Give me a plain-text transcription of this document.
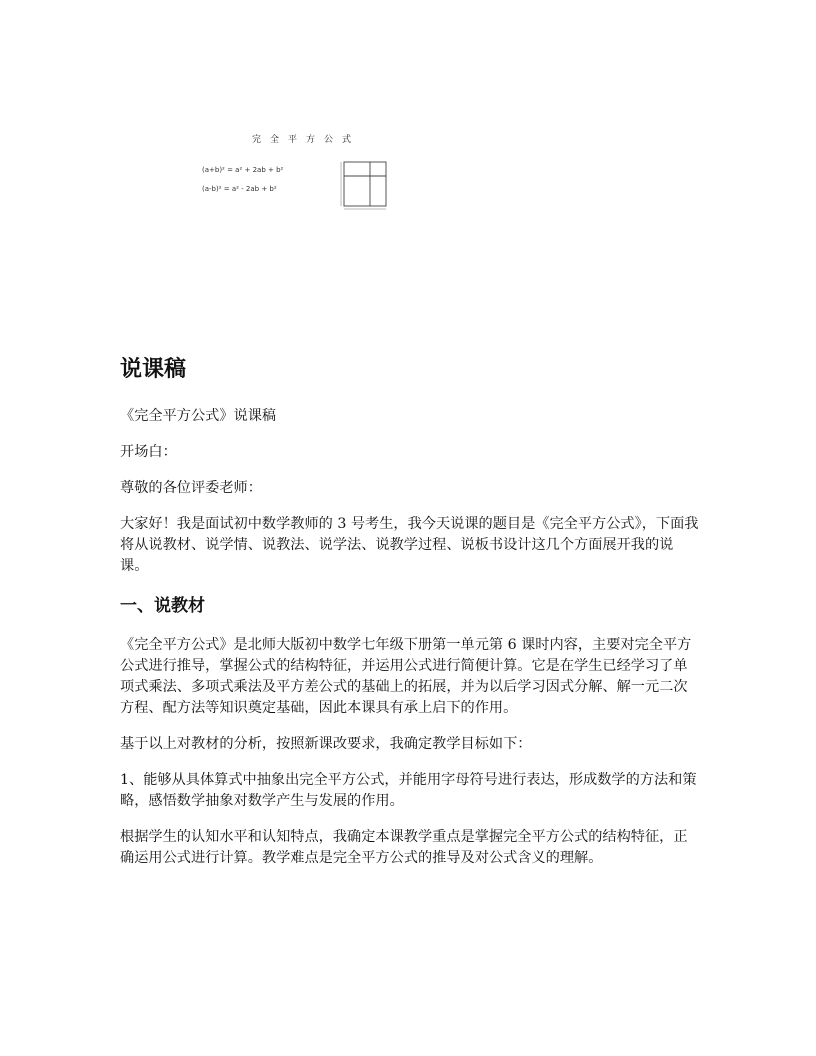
完全平方公式
(a+b)² = a² + 2ab + b²
(a-b)² = a² - 2ab + b²
说课稿
《完全平方公式》说课稿
开场白：
尊敬的各位评委老师：
大家好！我是面试初中数学教师的 3 号考生，我今天说课的题目是《完全平方公式》，下面我将从说教材、说学情、说教法、说学法、说教学过程、说板书设计这几个方面展开我的说课。
一、说教材
《完全平方公式》是北师大版初中数学七年级下册第一单元第 6 课时内容，主要对完全平方公式进行推导，掌握公式的结构特征，并运用公式进行简便计算。它是在学生已经学习了单项式乘法、多项式乘法及平方差公式的基础上的拓展，并为以后学习因式分解、解一元二次方程、配方法等知识奠定基础，因此本课具有承上启下的作用。
基于以上对教材的分析，按照新课改要求，我确定教学目标如下：
1、能够从具体算式中抽象出完全平方公式，并能用字母符号进行表达，形成数学的方法和策略，感悟数学抽象对数学产生与发展的作用。
根据学生的认知水平和认知特点，我确定本课教学重点是掌握完全平方公式的结构特征，正确运用公式进行计算。教学难点是完全平方公式的推导及对公式含义的理解。
